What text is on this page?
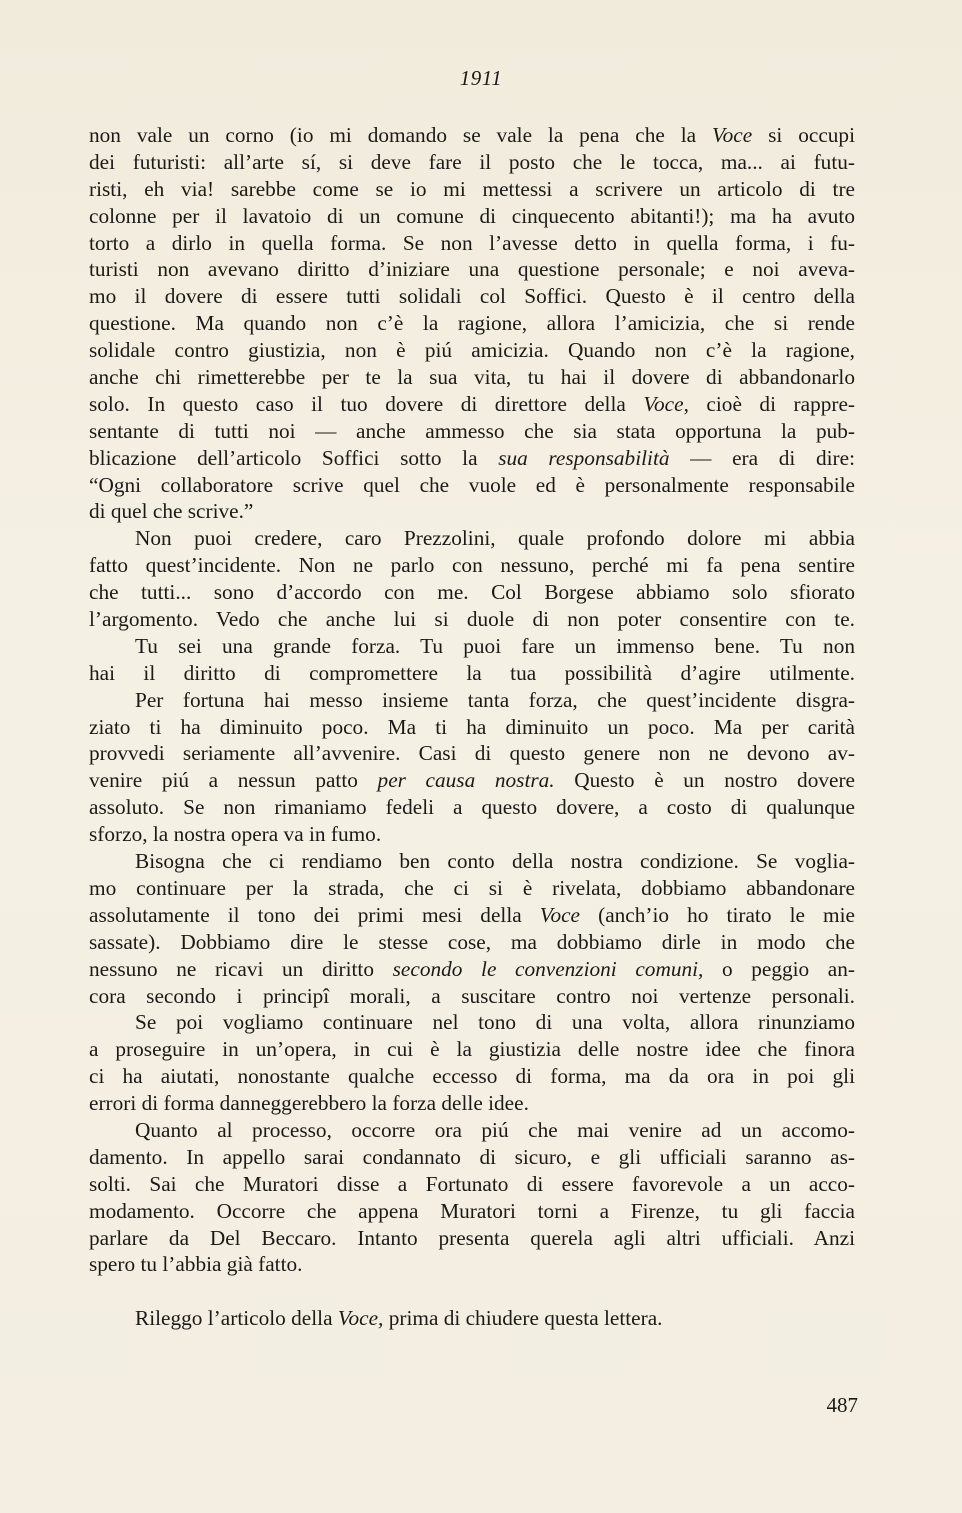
1911
non vale un corno (io mi domando se vale la pena che la Voce si occupi
dei futuristi: all’arte sí, si deve fare il posto che le tocca, ma... ai futu-
risti, eh via! sarebbe come se io mi mettessi a scrivere un articolo di tre
colonne per il lavatoio di un comune di cinquecento abitanti!); ma ha avuto
torto a dirlo in quella forma. Se non l’avesse detto in quella forma, i fu-
turisti non avevano diritto d’iniziare una questione personale; e noi aveva-
mo il dovere di essere tutti solidali col Soffici. Questo è il centro della
questione. Ma quando non c’è la ragione, allora l’amicizia, che si rende
solidale contro giustizia, non è piú amicizia. Quando non c’è la ragione,
anche chi rimetterebbe per te la sua vita, tu hai il dovere di abbandonarlo
solo. In questo caso il tuo dovere di direttore della Voce, cioè di rappre-
sentante di tutti noi — anche ammesso che sia stata opportuna la pub-
blicazione dell’articolo Soffici sotto la sua responsabilità — era di dire:
“Ogni collaboratore scrive quel che vuole ed è personalmente responsabile
di quel che scrive.”
Non puoi credere, caro Prezzolini, quale profondo dolore mi abbia
fatto quest’incidente. Non ne parlo con nessuno, perché mi fa pena sentire
che tutti... sono d’accordo con me. Col Borgese abbiamo solo sfiorato
l’argomento. Vedo che anche lui si duole di non poter consentire con te.
Tu sei una grande forza. Tu puoi fare un immenso bene. Tu non
hai il diritto di compromettere la tua possibilità d’agire utilmente.
Per fortuna hai messo insieme tanta forza, che quest’incidente disgra-
ziato ti ha diminuito poco. Ma ti ha diminuito un poco. Ma per carità
provvedi seriamente all’avvenire. Casi di questo genere non ne devono av-
venire piú a nessun patto per causa nostra. Questo è un nostro dovere
assoluto. Se non rimaniamo fedeli a questo dovere, a costo di qualunque
sforzo, la nostra opera va in fumo.
Bisogna che ci rendiamo ben conto della nostra condizione. Se voglia-
mo continuare per la strada, che ci si è rivelata, dobbiamo abbandonare
assolutamente il tono dei primi mesi della Voce (anch’io ho tirato le mie
sassate). Dobbiamo dire le stesse cose, ma dobbiamo dirle in modo che
nessuno ne ricavi un diritto secondo le convenzioni comuni, o peggio an-
cora secondo i principî morali, a suscitare contro noi vertenze personali.
Se poi vogliamo continuare nel tono di una volta, allora rinunziamo
a proseguire in un’opera, in cui è la giustizia delle nostre idee che finora
ci ha aiutati, nonostante qualche eccesso di forma, ma da ora in poi gli
errori di forma danneggerebbero la forza delle idee.
Quanto al processo, occorre ora piú che mai venire ad un accomo-
damento. In appello sarai condannato di sicuro, e gli ufficiali saranno as-
solti. Sai che Muratori disse a Fortunato di essere favorevole a un acco-
modamento. Occorre che appena Muratori torni a Firenze, tu gli faccia
parlare da Del Beccaro. Intanto presenta querela agli altri ufficiali. Anzi
spero tu l’abbia già fatto.
Rileggo l’articolo della Voce, prima di chiudere questa lettera.
487
